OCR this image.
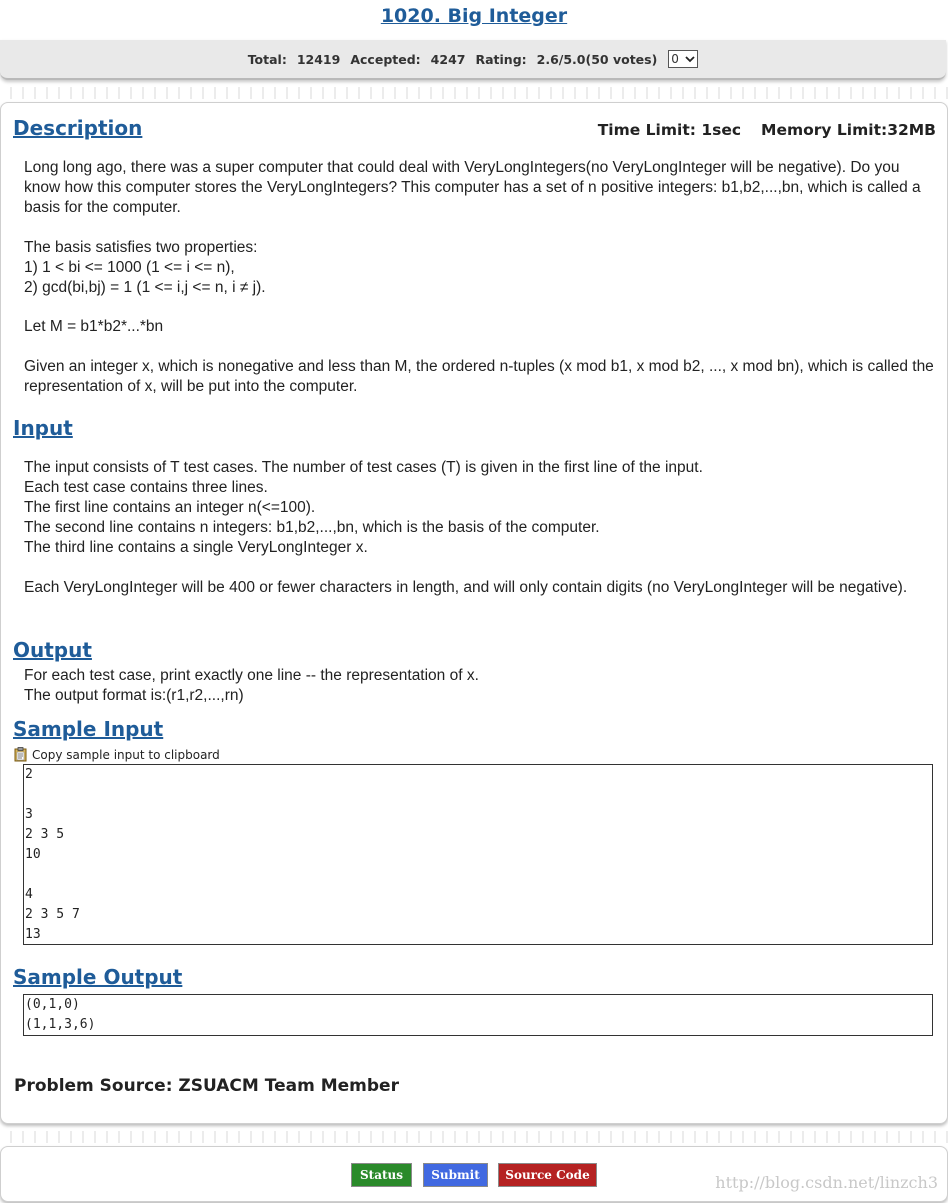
1020. Big Integer
Total: 12419 Accepted: 4247 Rating: 2.6/5.0(50 votes) 0
Description	Time Limit: 1sec Memory Limit:32MB
Long long ago, there was a super computer that could deal with VeryLongIntegers(no VeryLongInteger will be negative). Do you know how this computer stores the VeryLongIntegers? This computer has a set of n positive integers: b1,b2,...,bn, which is called a basis for the computer.
The basis satisfies two properties:
1) 1 < bi <= 1000 (1 <= i <= n),
2) gcd(bi,bj) = 1 (1 <= i,j <= n, i ≠ j).
Let M = b1*b2*...*bn
Given an integer x, which is nonegative and less than M, the ordered n-tuples (x mod b1, x mod b2, ..., x mod bn), which is called the representation of x, will be put into the computer.
Input
The input consists of T test cases. The number of test cases (T) is given in the first line of the input.
Each test case contains three lines.
The first line contains an integer n(<=100).
The second line contains n integers: b1,b2,...,bn, which is the basis of the computer.
The third line contains a single VeryLongInteger x.
Each VeryLongInteger will be 400 or fewer characters in length, and will only contain digits (no VeryLongInteger will be negative).
Output
For each test case, print exactly one line -- the representation of x.
The output format is:(r1,r2,...,rn)
Sample Input
Copy sample input to clipboard
2

3
2 3 5
10

4
2 3 5 7
13
Sample Output
(0,1,0)
(1,1,3,6)
Problem Source: ZSUACM Team Member
Status	Submit	Source Code	http://blog.csdn.net/linzch3
